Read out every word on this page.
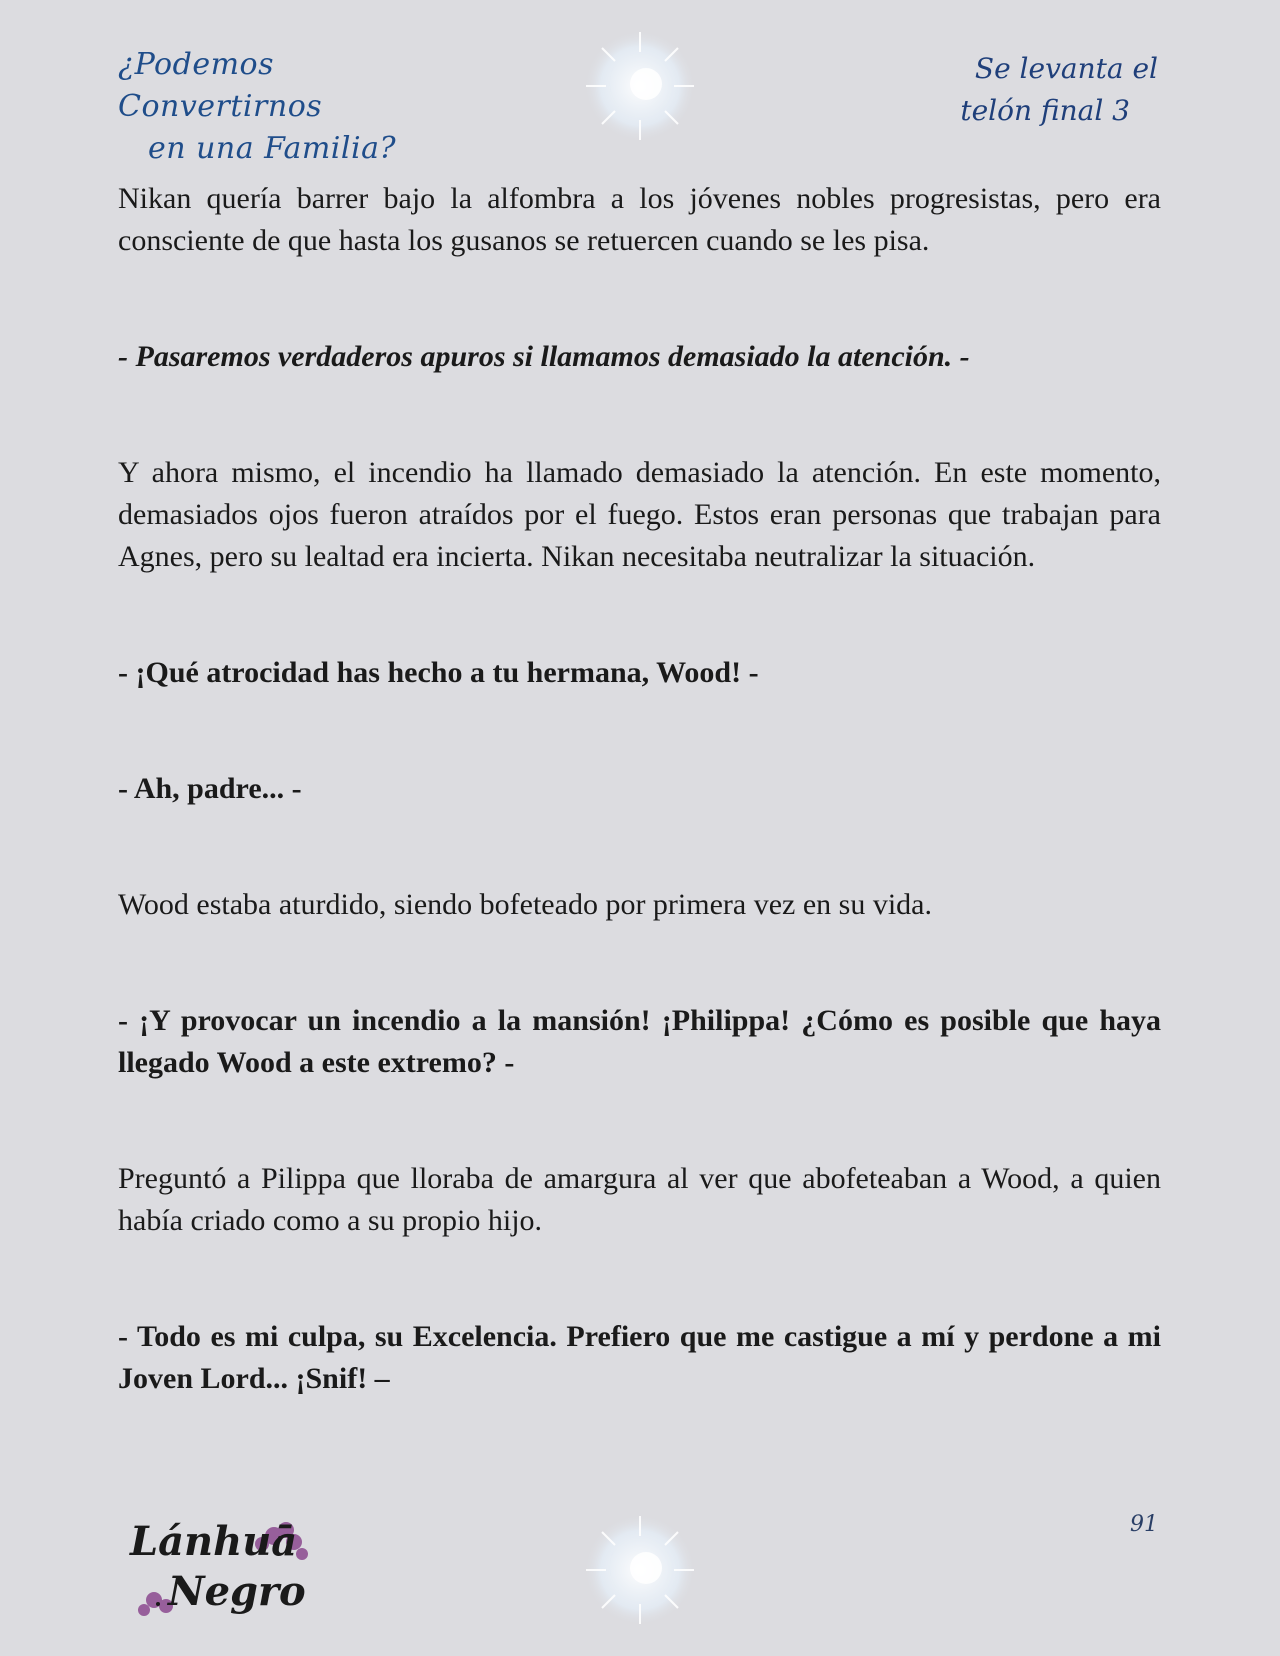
¿Podemos Convertirnos
en una Familia?
Se levanta el
telón final 3

Nikan quería barrer bajo la alfombra a los jóvenes nobles progresistas, pero era consciente de que hasta los gusanos se retuercen cuando se les pisa.

- Pasaremos verdaderos apuros si llamamos demasiado la atención. -

Y ahora mismo, el incendio ha llamado demasiado la atención. En este momento, demasiados ojos fueron atraídos por el fuego. Estos eran personas que trabajan para Agnes, pero su lealtad era incierta. Nikan necesitaba neutralizar la situación.

- ¡Qué atrocidad has hecho a tu hermana, Wood! -

- Ah, padre... -

Wood estaba aturdido, siendo bofeteado por primera vez en su vida.

- ¡Y provocar un incendio a la mansión! ¡Philippa! ¿Cómo es posible que haya llegado Wood a este extremo? -

Preguntó a Pilippa que lloraba de amargura al ver que abofeteaban a Wood, a quien había criado como a su propio hijo.

- Todo es mi culpa, su Excelencia. Prefiero que me castigue a mí y perdone a mi Joven Lord... ¡Snif! –

Lánhuā
Negro
91
